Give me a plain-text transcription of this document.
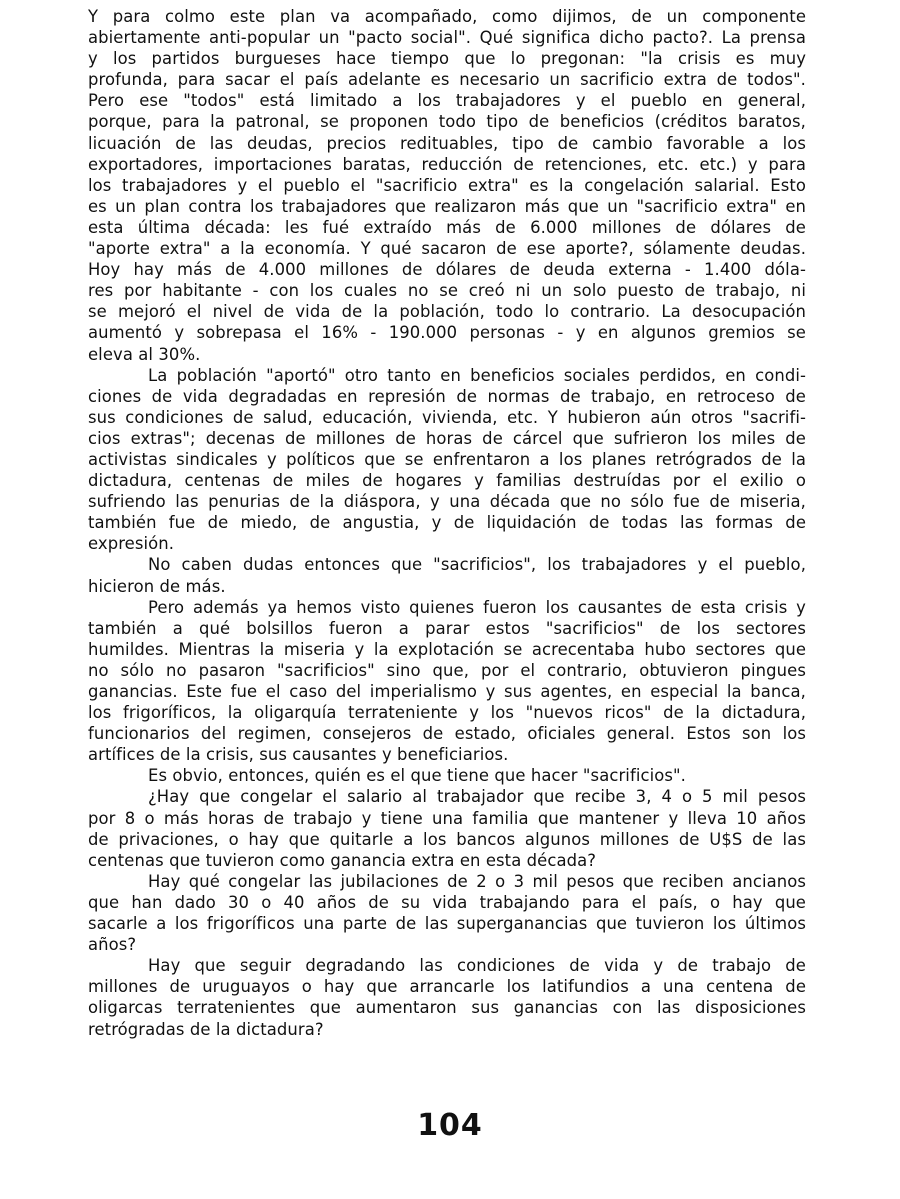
Y para colmo este plan va acompañado, como dijimos, de un componente
abiertamente anti-popular un "pacto social". Qué significa dicho pacto?. La prensa
y los partidos burgueses hace tiempo que lo pregonan: "la crisis es muy
profunda, para sacar el país adelante es necesario un sacrificio extra de todos".
Pero ese "todos" está limitado a los trabajadores y el pueblo en general,
porque, para la patronal, se proponen todo tipo de beneficios (créditos baratos,
licuación de las deudas, precios redituables, tipo de cambio favorable a los
exportadores, importaciones baratas, reducción de retenciones, etc. etc.) y para
los trabajadores y el pueblo el "sacrificio extra" es la congelación salarial. Esto
es un plan contra los trabajadores que realizaron más que un "sacrificio extra" en
esta última década: les fué extraído más de 6.000 millones de dólares de
"aporte extra" a la economía. Y qué sacaron de ese aporte?, sólamente deudas.
Hoy hay más de 4.000 millones de dólares de deuda externa - 1.400 dóla-
res por habitante - con los cuales no se creó ni un solo puesto de trabajo, ni
se mejoró el nivel de vida de la población, todo lo contrario. La desocupación
aumentó y sobrepasa el 16% - 190.000 personas - y en algunos gremios se
eleva al 30%.
La población "aportó" otro tanto en beneficios sociales perdidos, en condi-
ciones de vida degradadas en represión de normas de trabajo, en retroceso de
sus condiciones de salud, educación, vivienda, etc. Y hubieron aún otros "sacrifi-
cios extras"; decenas de millones de horas de cárcel que sufrieron los miles de
activistas sindicales y políticos que se enfrentaron a los planes retrógrados de la
dictadura, centenas de miles de hogares y familias destruídas por el exilio o
sufriendo las penurias de la diáspora, y una década que no sólo fue de miseria,
también fue de miedo, de angustia, y de liquidación de todas las formas de
expresión.
No caben dudas entonces que "sacrificios", los trabajadores y el pueblo,
hicieron de más.
Pero además ya hemos visto quienes fueron los causantes de esta crisis y
también a qué bolsillos fueron a parar estos "sacrificios" de los sectores
humildes. Mientras la miseria y la explotación se acrecentaba hubo sectores que
no sólo no pasaron "sacrificios" sino que, por el contrario, obtuvieron pingues
ganancias. Este fue el caso del imperialismo y sus agentes, en especial la banca,
los frigoríficos, la oligarquía terrateniente y los "nuevos ricos" de la dictadura,
funcionarios del regimen, consejeros de estado, oficiales general. Estos son los
artífices de la crisis, sus causantes y beneficiarios.
Es obvio, entonces, quién es el que tiene que hacer "sacrificios".
¿Hay que congelar el salario al trabajador que recibe 3, 4 o 5 mil pesos
por 8 o más horas de trabajo y tiene una familia que mantener y lleva 10 años
de privaciones, o hay que quitarle a los bancos algunos millones de U$S de las
centenas que tuvieron como ganancia extra en esta década?
Hay qué congelar las jubilaciones de 2 o 3 mil pesos que reciben ancianos
que han dado 30 o 40 años de su vida trabajando para el país, o hay que
sacarle a los frigoríficos una parte de las superganancias que tuvieron los últimos
años?
Hay que seguir degradando las condiciones de vida y de trabajo de
millones de uruguayos o hay que arrancarle los latifundios a una centena de
oligarcas terratenientes que aumentaron sus ganancias con las disposiciones
retrógradas de la dictadura?
104
